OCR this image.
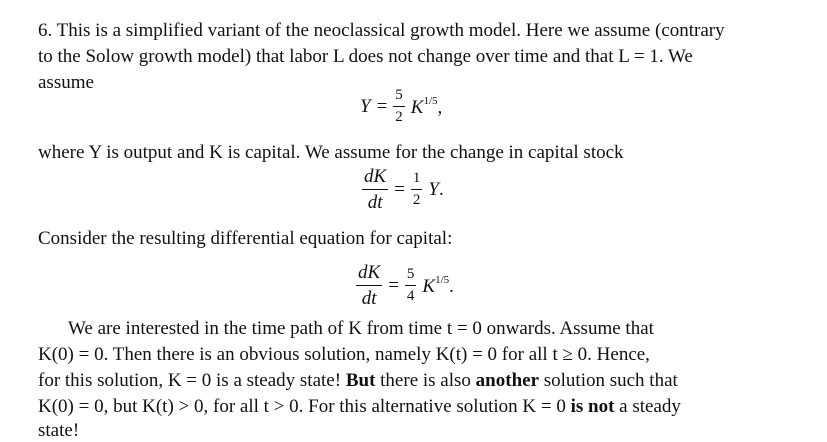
6. This is a simplified variant of the neoclassical growth model. Here we assume (contrary
to the Solow growth model) that labor L does not change over time and that L = 1. We
assume
$Y = \frac{5}{2} K1/5$,
where Y is output and K is capital. We assume for the change in capital stock
$\frac{dK}{dt} = \frac{1}{2} Y$.
Consider the resulting differential equation for capital:
$\frac{dK}{dt} = \frac{5}{4} K1/5$.
We are interested in the time path of K from time t = 0 onwards. Assume that
K(0) = 0. Then there is an obvious solution, namely K(t) = 0 for all t ≥ 0. Hence,
for this solution, K = 0 is a steady state! But there is also another solution such that
K(0) = 0, but K(t) > 0, for all t > 0. For this alternative solution K = 0 is not a steady
state!
